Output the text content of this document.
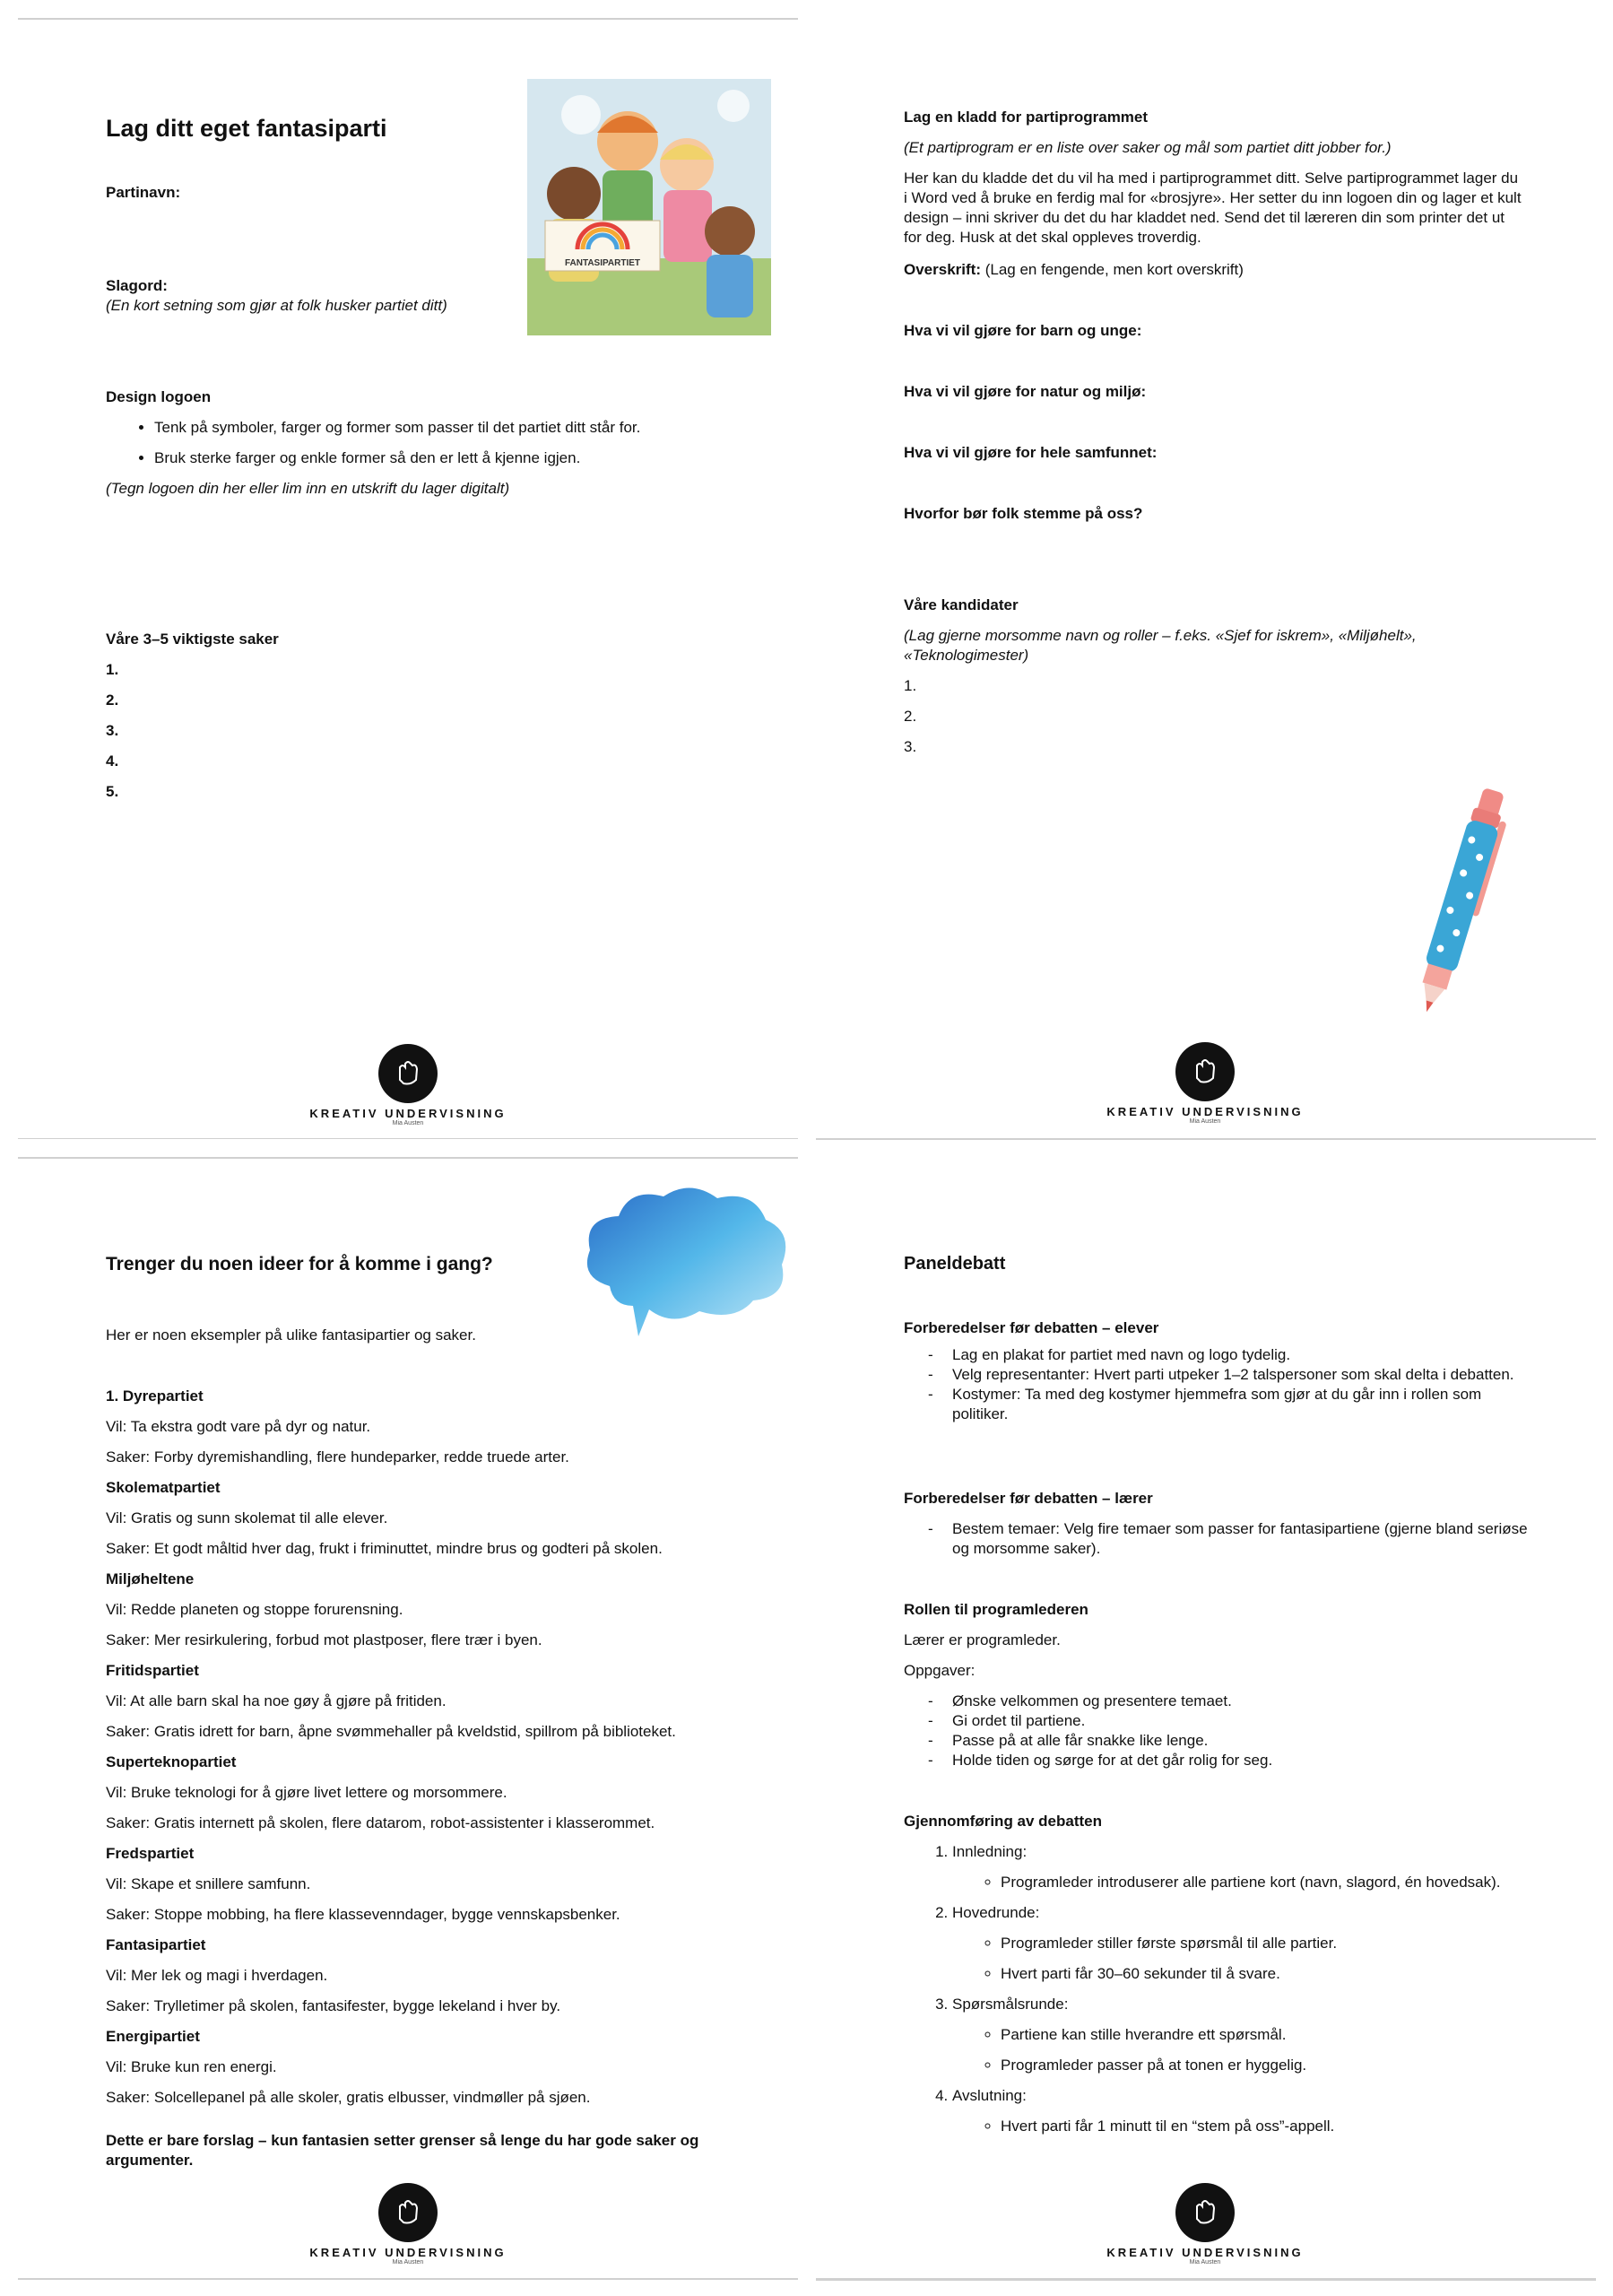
Lag ditt eget fantasiparti
Partinavn:
Slagord:
(En kort setning som gjør at folk husker partiet ditt)
FANTASIPARTIET
Design logoen
• Tenk på symboler, farger og former som passer til det partiet ditt står for.
• Bruk sterke farger og enkle former så den er lett å kjenne igjen.
(Tegn logoen din her eller lim inn en utskrift du lager digitalt)
Våre 3–5 viktigste saker
1.
2.
3.
4.
5.
KREATIV UNDERVISNING
Mia Austen
Lag en kladd for partiprogrammet
(Et partiprogram er en liste over saker og mål som partiet ditt jobber for.)
Her kan du kladde det du vil ha med i partiprogrammet ditt. Selve partiprogrammet lager du i Word ved å bruke en ferdig mal for «brosjyre». Her setter du inn logoen din og lager et kult design – inni skriver du det du har kladdet ned. Send det til læreren din som printer det ut for deg. Husk at det skal oppleves troverdig.
Overskrift: (Lag en fengende, men kort overskrift)
Hva vi vil gjøre for barn og unge:
Hva vi vil gjøre for natur og miljø:
Hva vi vil gjøre for hele samfunnet:
Hvorfor bør folk stemme på oss?
Våre kandidater
(Lag gjerne morsomme navn og roller – f.eks. «Sjef for iskrem», «Miljøhelt», «Teknologimester)
1.
2.
3.
KREATIV UNDERVISNING
Mia Austen
Trenger du noen ideer for å komme i gang?
Her er noen eksempler på ulike fantasipartier og saker.

1. Dyrepartiet

Vil: Ta ekstra godt vare på dyr og natur.

Saker: Forby dyremishandling, flere hundeparker, redde truede arter.

Skolematpartiet

Vil: Gratis og sunn skolemat til alle elever.

Saker: Et godt måltid hver dag, frukt i friminuttet, mindre brus og godteri på skolen.

Miljøheltene

Vil: Redde planeten og stoppe forurensning.

Saker: Mer resirkulering, forbud mot plastposer, flere trær i byen.

Fritidspartiet

Vil: At alle barn skal ha noe gøy å gjøre på fritiden.

Saker: Gratis idrett for barn, åpne svømmehaller på kveldstid, spillrom på biblioteket.

Superteknopartiet

Vil: Bruke teknologi for å gjøre livet lettere og morsommere.

Saker: Gratis internett på skolen, flere datarom, robot-assistenter i klasserommet.

Fredspartiet

Vil: Skape et snillere samfunn.

Saker: Stoppe mobbing, ha flere klassevenndager, bygge vennskapsbenker.

Fantasipartiet

Vil: Mer lek og magi i hverdagen.

Saker: Trylletimer på skolen, fantasifester, bygge lekeland i hver by.

Energipartiet

Vil: Bruke kun ren energi.

Saker: Solcellepanel på alle skoler, gratis elbusser, vindmøller på sjøen.

Dette er bare forslag – kun fantasien setter grenser så lenge du har gode saker og argumenter.

KREATIV UNDERVISNING
Mia Austen
Paneldebatt
Forberedelser før debatten – elever
- Lag en plakat for partiet med navn og logo tydelig.
- Velg representanter: Hvert parti utpeker 1–2 talspersoner som skal delta i debatten.
- Kostymer: Ta med deg kostymer hjemmefra som gjør at du går inn i rollen som politiker.
Forberedelser før debatten – lærer
- Bestem temaer: Velg fire temaer som passer for fantasipartiene (gjerne bland seriøse og morsomme saker).
Rollen til programlederen
Lærer er programleder.
Oppgaver:
- Ønske velkommen og presentere temaet.
- Gi ordet til partiene.
- Passe på at alle får snakke like lenge.
- Holde tiden og sørge for at det går rolig for seg.
Gjennomføring av debatten
1. Innledning:
◦ Programleder introduserer alle partiene kort (navn, slagord, én hovedsak).
2. Hovedrunde:
◦ Programleder stiller første spørsmål til alle partier.
◦ Hvert parti får 30–60 sekunder til å svare.
3. Spørsmålsrunde:
◦ Partiene kan stille hverandre ett spørsmål.
◦ Programleder passer på at tonen er hyggelig.
4. Avslutning:
◦ Hvert parti får 1 minutt til en “stem på oss”-appell.
KREATIV UNDERVISNING
Mia Austen
